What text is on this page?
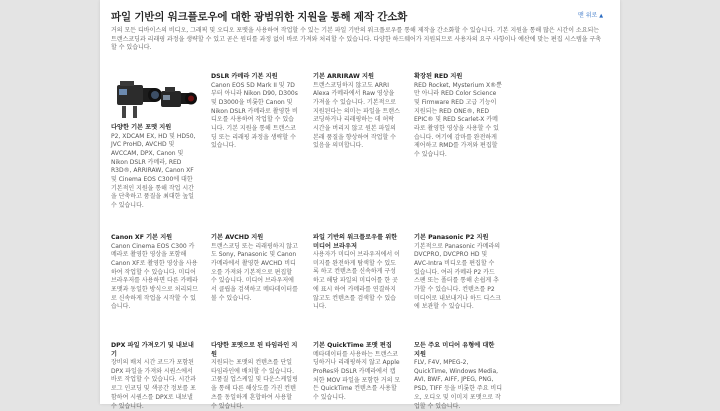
파일 기반의 워크플로우에 대한 광범위한 지원을 통해 제작 간소화	맨 위로 ▲

거의 모든 디바이스의 비디오, 그래픽 및 오디오 포맷을 사용하여 작업할 수 있는 기본 파일 기반의 워크플로우를 통해 제작을 간소화할 수 있습니다. 기본 지원을 통해 많은 시간이 소요되는 트랜스코딩과 리래핑 과정을 생략할 수 있고 곧은 원더를 과정 없이 바로 가져와 처리할 수 있습니다. 다양한 하드웨어가 지원되므로 사용자의 요구 사항이나 예산에 맞는 편집 시스템을 구축할 수 있습니다.

다양한 기본 포맷 지원

P2, XDCAM EX, HD 및 HD50, JVC ProHD, AVCHD 및 AVCCAM, DPX, Canon 및 Nikon DSLR 카메라, RED R3D®, ARRIRAW, Canon XF 및 Cinema EOS C300에 대한 기본적인 지원을 통해 작업 시간을 단축하고 품질을 최대한 높일 수 있습니다.

DSLR 카메라 기본 지원

Canon EOS 5D Mark II 및 7D부터 아니라 Nikon D90, D300s 및 D3000을 비롯한 Canon 및 Nikon DSLR 카메라로 촬영한 비디오를 사용하여 작업할 수 있습니다. 기본 지원을 통해 트랜스코딩 또는 리래핑 과정을 생략할 수 있습니다.

기본 ARRIRAW 지원

트랜스코딩하지 않고도 ARRI Alexa 카메라에서 Raw 영상을 가져올 수 있습니다. 기본적으로 지원된다는 의미는 파일을 트랜스코딩하거나 리래핑하는 데 허락 시간을 버리지 않고 원본 파일의 본래 품질을 향상하여 작업할 수 있음을 의미합니다.

확장된 RED 지원

RED Rocket, Mysterium X®뿐만 아니라 RED Color Science 및 Firmware RED 고급 기능이 지원되는 RED ONE®, RED EPIC® 및 RED Scarlet-X 카메라로 촬영한 영상을 사용할 수 있습니다. 여기에 감마를 완전하게 제어하고 RMD를 가져와 편집할 수 있습니다.

Canon XF 기본 지원

Canon Cinema EOS C300 카메라로 촬영한 영상을 포함해 Canon XF로 촬영한 영상을 사용하여 작업할 수 있습니다. 미디어 브라우저를 사용하면 다른 카메라 포맷과 동일한 방식으로 처리되므로 신속하게 작업을 시작할 수 있습니다.

기본 AVCHD 지원

트랜스코딩 또는 리래핑하지 않고도 Sony, Panasonic 및 Canon 카메라에서 촬영한 AVCHD 비디오를 가져와 기본적으로 편집할 수 있습니다. 미디어 브라우저에서 클립을 검색하고 메타데이터를 볼 수 있습니다.

파일 기반의 워크플로우를 위한 미디어 브라우저

사용자가 미디어 브라우저에서 이미지를 완전하게 탐색할 수 있도록 하고 컨텐츠를 신속하게 구성하고 해당 파일의 미디어를 한 곳에 표시 하여 카메라를 연결하지 않고도 컨텐츠를 검색할 수 있습니다.

기본 Panasonic P2 지원

기본적으로 Panasonic 카메라의 DVCPRO, DVCPRO HD 및 AVC-Intra 비디오를 편집할 수 있습니다. 여러 카메라 P2 카드 스팬 또는 폴더를 통해 손쉽게 추가할 수 있습니다. 컨텐츠를 P2 미디어로 내보내거나 하드 디스크에 보관할 수 있습니다.

DPX 파일 가져오기 및 내보내기

장비의 배치 시간 코드가 포함된 DPX 파일을 가져와 시퀀스에서 바로 작업할 수 있습니다. 시간과 로그 인코딩 및 색공간 정보를 포함하여 시퀀스를 DPX로 내보낼 수 있습니다.

다양한 포맷으로 된 타임라인 지원

지원되는 포맷의 컨텐츠를 단일 타임라인에 배치할 수 있습니다. 고품질 업스케일 및 다운스케일링을 통해 다른 해상도를 가진 컨텐츠를 동일하게 혼합하여 사용할 수 있습니다.

기본 QuickTime 포맷 편집

메타데이터를 사용하는 트랜스코딩하거나 리래핑하지 않고 Apple ProRes와 DSLR 카메라에서 캡처한 MOV 파일을 포함한 거의 모든 QuickTime 컨텐츠를 사용할 수 있습니다.

모든 주요 미디어 유형에 대한 지원

FLV, F4V, MPEG-2, QuickTime, Windows Media, AVI, BWF, AIFF, JPEG, PNG, PSD, TIFF 등을 비롯한 주요 비디오, 오디오 및 이미지 포맷으로 작업할 수 있습니다.
